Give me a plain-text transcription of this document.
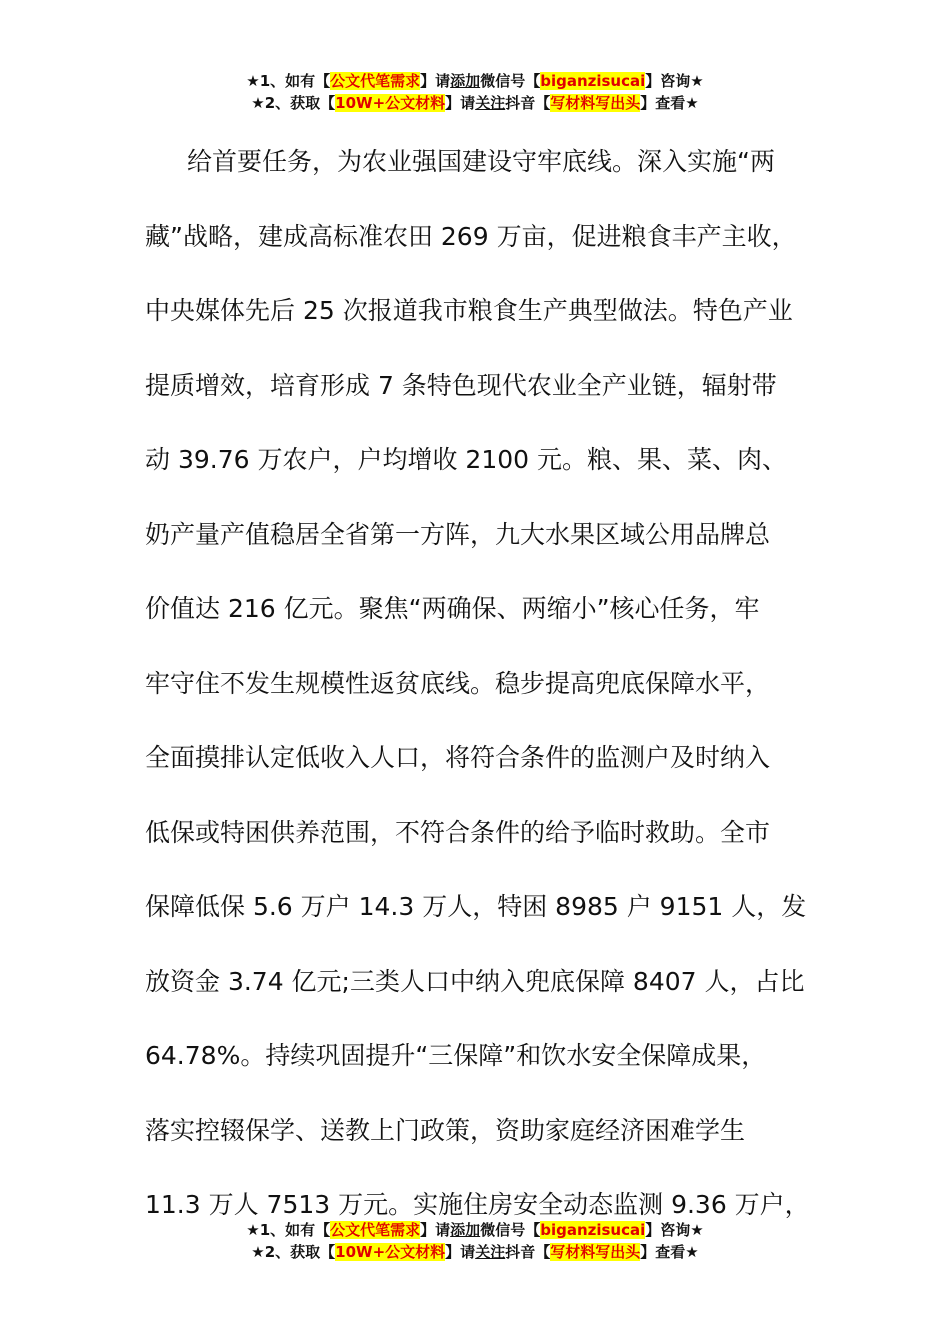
★1、如有【公文代笔需求】请添加微信号【biganzisucai】咨询★
★2、获取【10W+公文材料】请关注抖音【写材料写出头】查看★
给首要任务，为农业强国建设守牢底线。深入实施“两
藏”战略，建成高标准农田 269 万亩，促进粮食丰产主收，
中央媒体先后 25 次报道我市粮食生产典型做法。特色产业
提质增效，培育形成 7 条特色现代农业全产业链，辐射带
动 39.76 万农户，户均增收 2100 元。粮、果、菜、肉、
奶产量产值稳居全省第一方阵，九大水果区域公用品牌总
价值达 216 亿元。聚焦“两确保、两缩小”核心任务，牢
牢守住不发生规模性返贫底线。稳步提高兜底保障水平，
全面摸排认定低收入人口，将符合条件的监测户及时纳入
低保或特困供养范围，不符合条件的给予临时救助。全市
保障低保 5.6 万户 14.3 万人，特困 8985 户 9151 人，发
放资金 3.74 亿元;三类人口中纳入兜底保障 8407 人，占比
64.78%。持续巩固提升“三保障”和饮水安全保障成果，
落实控辍保学、送教上门政策，资助家庭经济困难学生
11.3 万人 7513 万元。实施住房安全动态监测 9.36 万户，
★1、如有【公文代笔需求】请添加微信号【biganzisucai】咨询★
★2、获取【10W+公文材料】请关注抖音【写材料写出头】查看★
